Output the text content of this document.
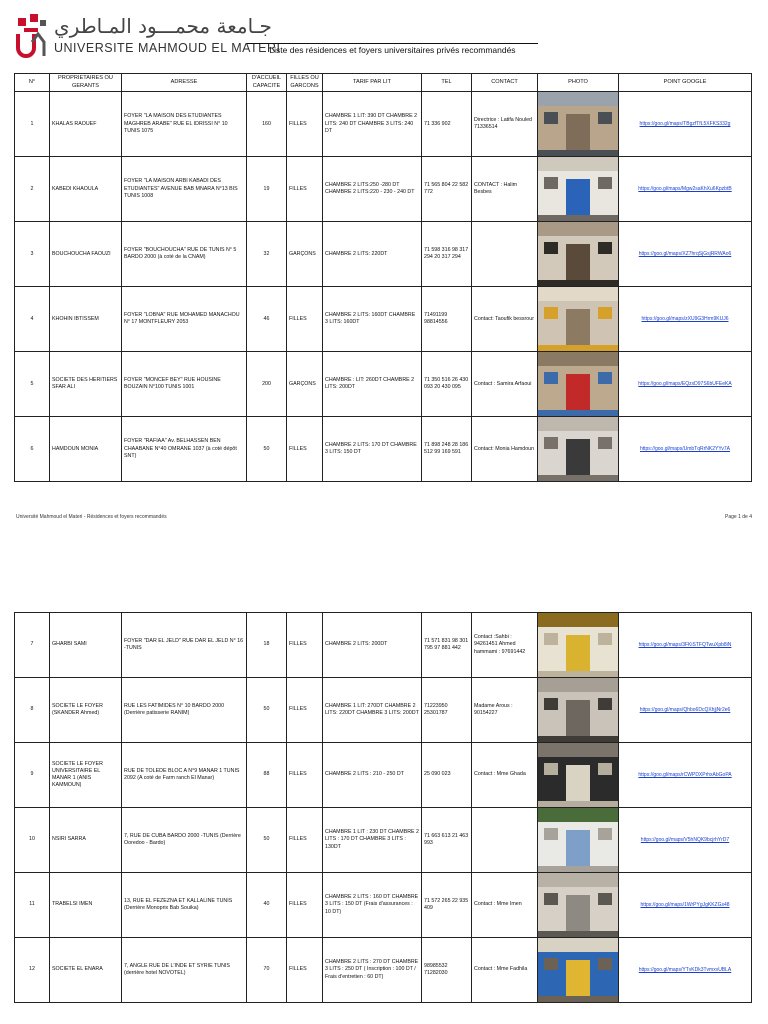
جـامعة محمـــود المـاطري
UNIVERSITE MAHMOUD EL MATERI
Liste des résidences et foyers universitaires privés recommandés
N°	PROPRIETAIRES OU GERANTS	ADRESSE	D'ACCUEIL CAPACITE	FILLES OU GARCONS	TARIF PAR LIT	TEL	CONTACT	PHOTO	POINT GOOGLE
1	KHALAS RAOUEF	FOYER "LA MAISON DES ETUDIANTES MAGHREB ARABE" RUE EL IDRISSI N° 10 TUNIS 1075	160	FILLES	CHAMBRE 1 LIT: 390 DT CHAMBRE 2 LITS: 240 DT CHAMBRE 3 LITS: 240 DT	71 336 902	Directrice : Latifa Nouled 71336514		https://goo.gl/maps/TBgzfTfL5XFKS332g
2	KABEDI KHAOULA	FOYER "LA MAISON ARBI KABADI DES ETUDIANTES" AVENUE BAB MNARA N°13 BIS TUNIS 1008	19	FILLES	CHAMBRE 2 LITS:250 -280 DT CHAMBRE 2 LITS:220 - 230 - 240 DT	71 565 804 22 582 772	CONTACT : Halim Besbes		https://goo.gl/maps/Mgw2saKhXu6KpzbtB
3	BOUCHOUCHA FAOUZI	FOYER "BOUCHOUCHA" RUE DE TUNIS N° 5 BARDO 2000 (à coté de la CNAM)	32	GARÇONS	CHAMBRE 2 LITS: 220DT	71 598 316 98 317 294 20 317 294			https://goo.gl/maps/XZ7hrqSjGsjRRWAo6
4	KHOHIN IBTISSEM	FOYER "LOBNA" RUE MOHAMED MANACHOU N° 17 MONTFLEURY 2053	46	FILLES	CHAMBRE 2 LITS: 160DT CHAMBRE 3 LITS: 160DT	71491199 98814556	Contact: Taoufik bessrour		https://goo.gl/maps/zXU9G3Hrm9KUJ6
5	SOCIETE DES HERITIERS SFAR ALI	FOYER "MONCEF BEY" RUE HOUSINE BOUZAIN N°100 TUNIS 1001	200	GARÇONS	CHAMBRE : LIT: 260DT CHAMBRE 2 LITS: 200DT	71 350 516 26 430 093 20 430 095	Contact : Samira Arfaoui		https://goo.gl/maps/EQzxD97S6bUFEeKA
6	HAMDOUN MONIA	FOYER "RAFIAA" Av. BELHASSEN BEN CHAABANE N°40 OMRANE 1037 (à coté dépôt SNT)	50	FILLES	CHAMBRE 2 LITS: 170 DT CHAMBRE 3 LITS: 150 DT	71 898 248 28 186 512 99 169 591	Contact: Monia Hamdoun		https://goo.gl/maps/UmbTqRrNK2YYv7A
Université Mahmoud el Materi - Résidences et foyers recommandés	Page 1 de 4
7	GHARBI SAMI	FOYER "DAR EL JELD" RUE DAR EL JELD N° 16 -TUNIS	18	FILLES	CHAMBRE 2 LITS: 200DT	71 571 831 98 301 795 97 881 442	Contact :Sahbi : 94261451 Ahmed hammami : 97691442		https://goo.gl/maps/3FKiSTFQTwuXpb8iN
8	SOCIETE LE FOYER (SKANDER Ahmed)	RUE LES FATIMIDES N° 10 BARDO 2000 (Derrière patisserie RANIM)	50	FILLES	CHAMBRE 1 LIT: 270DT CHAMBRE 2 LITS: 220DT CHAMBRE 3 LITS: 200DT	71223950 25301787	Madame Arous : 90154227		https://goo.gl/maps/Qhbo6DcQXhjjNr2e6
9	SOCIETE LE FOYER UNIVERSITAIRE EL MANAR 1 (ANIS KAMMOUN)	RUE DE TOLEDE BLOC A N°9 MANAR 1 TUNIS 2092 (A coté de Farm ranch El Manar)	88	FILLES	CHAMBRE 2 LITS : 210 - 250 DT	25 090 023	Contact : Mme Ghada		https://goo.gl/maps/rCWPDXPrhxAbGoPA
10	NSIRI SARRA	7, RUE DE CUBA BARDO 2000 -TUNIS (Derrière Ooredoo - Bardo)	50	FILLES	CHAMBRE 1 LIT : 230 DT CHAMBRE 2 LITS : 170 DT CHAMBRE 3 LITS : 130DT	71 663 613 21 463 993			https://goo.gl/maps/V5hNQK9bcjrhYrD7
11	TRABELSI IMEN	13, RUE EL FEZEZNA ET KALLALINE TUNIS (Derrière Monoprix Bab Souika)	40	FILLES	CHAMBRE 2 LITS : 160 DT CHAMBRE 3 LITS : 150 DT (Frais d'assurances : 10 DT)	71 572 265 22 935 409	Contact : Mme Imen		https://goo.gl/maps/1WrPYgJgKKZGs48
12	SOCIETE EL ENARA	7, ANGLE RUE DE L'INDE ET SYRIE TUNIS (derrière hotel NOVOTEL)	70	FILLES	CHAMBRE 2 LITS : 270 DT CHAMBRE 3 LITS : 250 DT ( Inscription : 100 DT / Frais d'entretien : 60 DT)	98985532 71282030	Contact : Mme Fadhila		https://goo.gl/maps/YTvKDk3TvmxvUBLA
